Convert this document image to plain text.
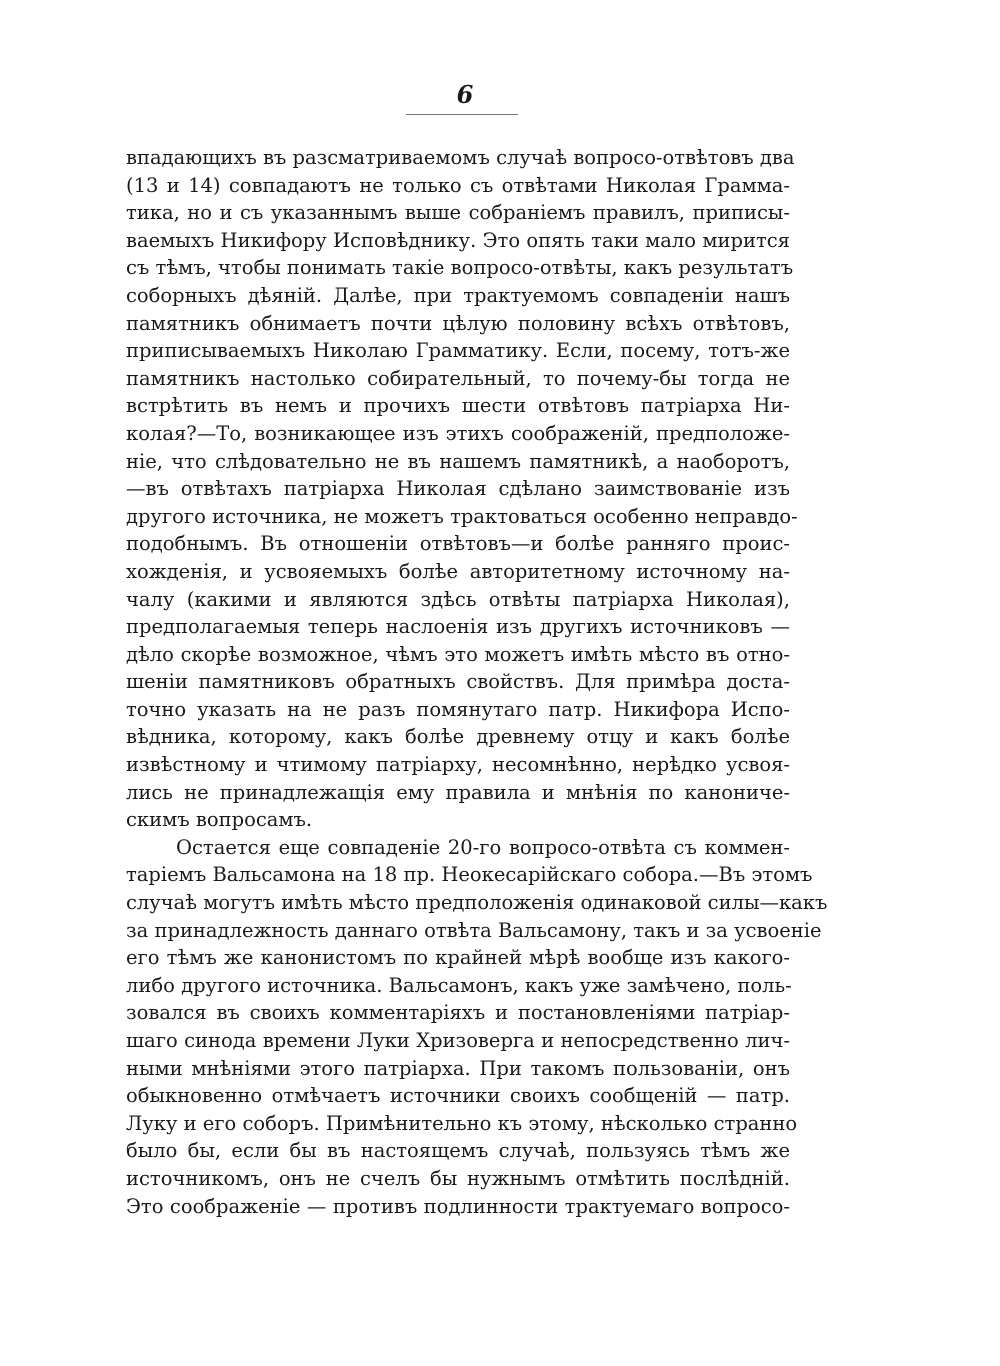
6
впадающихъ въ разсматриваемомъ случаѣ вопросо-отвѣтовъ два
(13 и 14) совпадаютъ не только съ отвѣтами Николая Грамма-
тика, но и съ указаннымъ выше собраніемъ правилъ, приписы-
ваемыхъ Никифору Исповѣднику. Это опять таки мало мирится
съ тѣмъ, чтобы понимать такіе вопросо-отвѣты, какъ результатъ
соборныхъ дѣяній. Далѣе, при трактуемомъ совпаденіи нашъ
памятникъ обнимаетъ почти цѣлую половину всѣхъ отвѣтовъ,
приписываемыхъ Николаю Грамматику. Если, посему, тотъ-же
памятникъ настолько собирательный, то почему-бы тогда не
встрѣтить въ немъ и прочихъ шести отвѣтовъ патріарха Ни-
колая?—То, возникающее изъ этихъ соображеній, предположе-
ніе, что слѣдовательно не въ нашемъ памятникѣ, а наоборотъ,
—въ отвѣтахъ патріарха Николая сдѣлано заимствованіе изъ
другого источника, не можетъ трактоваться особенно неправдо-
подобнымъ. Въ отношеніи отвѣтовъ—и болѣе ранняго проис-
хожденія, и усвояемыхъ болѣе авторитетному источному на-
чалу (какими и являются здѣсь отвѣты патріарха Николая),
предполагаемыя теперь наслоенія изъ другихъ источниковъ —
дѣло скорѣе возможное, чѣмъ это можетъ имѣть мѣсто въ отно-
шеніи памятниковъ обратныхъ свойствъ. Для примѣра доста-
точно указать на не разъ помянутаго патр. Никифора Испо-
вѣдника, которому, какъ болѣе древнему отцу и какъ болѣе
извѣстному и чтимому патріарху, несомнѣнно, нерѣдко усвоя-
лись не принадлежащія ему правила и мнѣнія по канониче-
скимъ вопросамъ.
Остается еще совпаденіе 20-го вопросо-отвѣта съ коммен-
таріемъ Вальсамона на 18 пр. Неокесарійскаго собора.—Въ этомъ
случаѣ могутъ имѣть мѣсто предположенія одинаковой силы—какъ
за принадлежность даннаго отвѣта Вальсамону, такъ и за усвоеніе
его тѣмъ же канонистомъ по крайней мѣрѣ вообще изъ какого-
либо другого источника. Вальсамонъ, какъ уже замѣчено, поль-
зовался въ своихъ комментаріяхъ и постановленіями патріар-
шаго синода времени Луки Хризоверга и непосредственно лич-
ными мнѣніями этого патріарха. При такомъ пользованіи, онъ
обыкновенно отмѣчаетъ источники своихъ сообщеній — патр.
Луку и его соборъ. Примѣнительно къ этому, нѣсколько странно
было бы, если бы въ настоящемъ случаѣ, пользуясь тѣмъ же
источникомъ, онъ не счелъ бы нужнымъ отмѣтить послѣдній.
Это соображеніе — противъ подлинности трактуемаго вопросо-
